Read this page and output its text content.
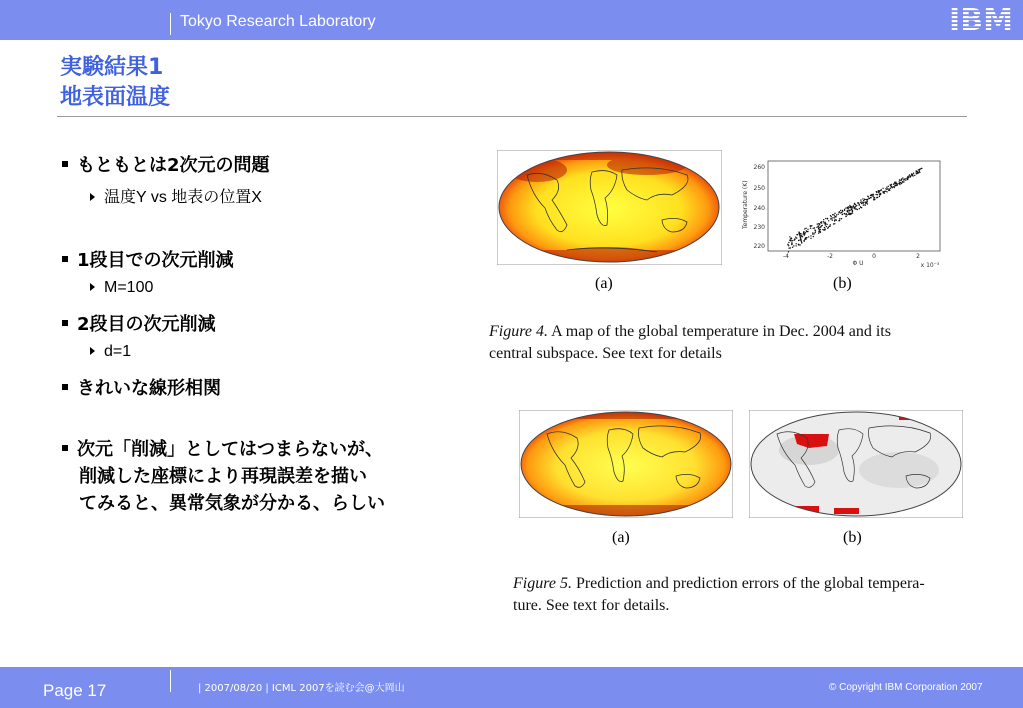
Tokyo Research Laboratory	IBM
実験結果1
地表面温度
もともとは2次元の問題
温度Y vs 地表の位置X
1段目での次元削減
M=100
2段目の次元削減
d=1
きれいな線形相関
次元「削減」としてはつまらないが、
削減した座標により再現誤差を描い
てみると、異常気象が分かる、らしい
260
250
240
230
220
-4	-2	0	2
Φ U	x 10⁻³
Temperature (K)
(a)	(b)
Figure 4. A map of the global temperature in Dec. 2004 and its
central subspace. See text for details
(a)	(b)
Figure 5. Prediction and prediction errors of the global tempera-
ture. See text for details.
Page 17	| 2007/08/20 | ICML 2007を読む会@大岡山	© Copyright IBM Corporation 2007
